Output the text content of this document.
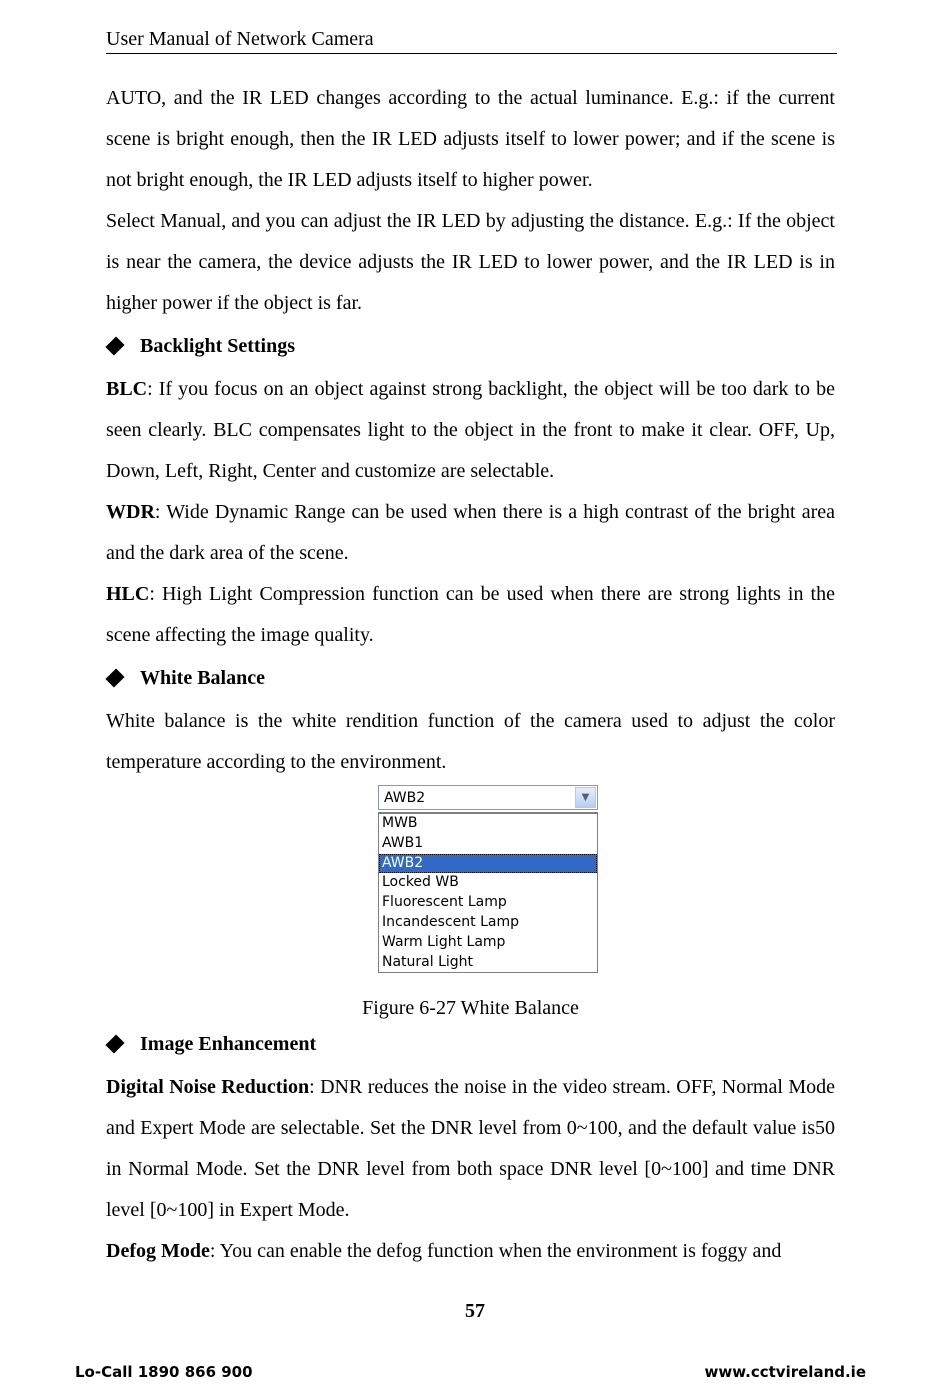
User Manual of Network Camera

AUTO, and the IR LED changes according to the actual luminance. E.g.: if the current scene is bright enough, then the IR LED adjusts itself to lower power; and if the scene is not bright enough, the IR LED adjusts itself to higher power.

Select Manual, and you can adjust the IR LED by adjusting the distance. E.g.: If the object is near the camera, the device adjusts the IR LED to lower power, and the IR LED is in higher power if the object is far.

Backlight Settings

BLC: If you focus on an object against strong backlight, the object will be too dark to be seen clearly. BLC compensates light to the object in the front to make it clear. OFF, Up, Down, Left, Right, Center and customize are selectable.

WDR: Wide Dynamic Range can be used when there is a high contrast of the bright area and the dark area of the scene.

HLC: High Light Compression function can be used when there are strong lights in the scene affecting the image quality.

White Balance

White balance is the white rendition function of the camera used to adjust the color temperature according to the environment.

AWB2	▼
MWB
AWB1
AWB2
Locked WB
Fluorescent Lamp
Incandescent Lamp
Warm Light Lamp
Natural Light
Figure 6-27 White Balance
Image Enhancement

Digital Noise Reduction: DNR reduces the noise in the video stream. OFF, Normal Mode and Expert Mode are selectable. Set the DNR level from 0~100, and the default value is50 in Normal Mode. Set the DNR level from both space DNR level [0~100] and time DNR level [0~100] in Expert Mode.

Defog Mode: You can enable the defog function when the environment is foggy and

57
Lo-Call 1890 866 900	www.cctvireland.ie
